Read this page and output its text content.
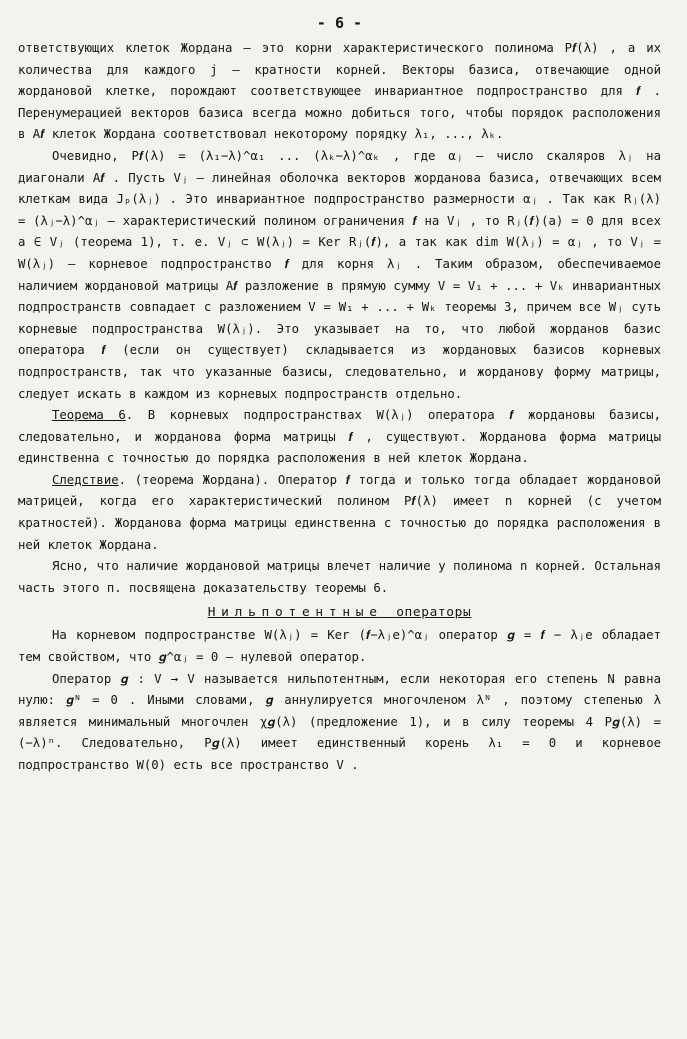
- 6 -

ответствующих клеток Жордана – это корни характеристического полинома P𝒇(λ) , а их количества для каждого j – кратности корней. Векторы базиса, отвечающие одной жордановой клетке, порождают соответствующее инвариантное подпространство для 𝒇 . Перенумерацией векторов базиса всегда можно добиться того, чтобы порядок расположения в A𝒇 клеток Жордана соответствовал некоторому порядку λ₁, ..., λₖ.

Очевидно, P𝒇(λ) = (λ₁−λ)^α₁ ... (λₖ−λ)^αₖ , где αⱼ – число скаляров λⱼ на диагонали A𝒇 . Пусть Vⱼ – линейная оболочка векторов жорданова базиса, отвечающих всем клеткам вида Jₚ(λⱼ) . Это инвариантное подпространство размерности αⱼ . Так как Rⱼ(λ) = (λⱼ−λ)^αⱼ – характеристический полином ограничения 𝒇 на Vⱼ , то Rⱼ(𝒇)(a) = 0 для всех a ∈ Vⱼ (теорема 1), т. е. Vⱼ ⊂ W(λⱼ) = Ker Rⱼ(𝒇), а так как dim W(λⱼ) = αⱼ , то Vⱼ = W(λⱼ) – корневое подпространство 𝒇 для корня λⱼ . Таким образом, обеспечиваемое наличием жордановой матрицы A𝒇 разложение в прямую сумму V = V₁ + ... + Vₖ инвариантных подпространств совпадает с разложением V = W₁ + ... + Wₖ теоремы 3, причем все Wⱼ суть корневые подпространства W(λⱼ). Это указывает на то, что любой жорданов базис оператора 𝒇 (если он существует) складывается из жордановых базисов корневых подпространств, так что указанные базисы, следовательно, и жорданову форму матрицы, следует искать в каждом из корневых подпространств отдельно.

Теорема 6. В корневых подпространствах W(λⱼ) оператора 𝒇 жордановы базисы, следовательно, и жорданова форма матрицы 𝒇 , существуют. Жорданова форма матрицы единственна с точностью до порядка расположения в ней клеток Жордана.

Следствие. (теорема Жордана). Оператор 𝒇 тогда и только тогда обладает жордановой матрицей, когда его характеристический полином P𝒇(λ) имеет n корней (с учетом кратностей). Жорданова форма матрицы единственна с точностью до порядка расположения в ней клеток Жордана.

Ясно, что наличие жордановой матрицы влечет наличие у полинома n корней. Остальная часть этого п. посвящена доказательству теоремы 6.

Нильпотентные операторы

На корневом подпространстве W(λⱼ) = Ker (𝒇−λⱼe)^αⱼ оператор 𝒈 = 𝒇 − λⱼe обладает тем свойством, что 𝒈^αⱼ = 0 – нулевой оператор.

Оператор 𝒈 : V → V называется нильпотентным, если некоторая его степень N равна нулю: 𝒈ᴺ = 0 . Иными словами, 𝒈 аннулируется многочленом λᴺ , поэтому степенью λ является минимальный многочлен χ𝒈(λ) (предложение 1), и в силу теоремы 4 P𝒈(λ) = (−λ)ⁿ. Следовательно, P𝒈(λ) имеет единственный корень λ₁ = 0 и корневое подпространство W(0) есть все пространство V .
